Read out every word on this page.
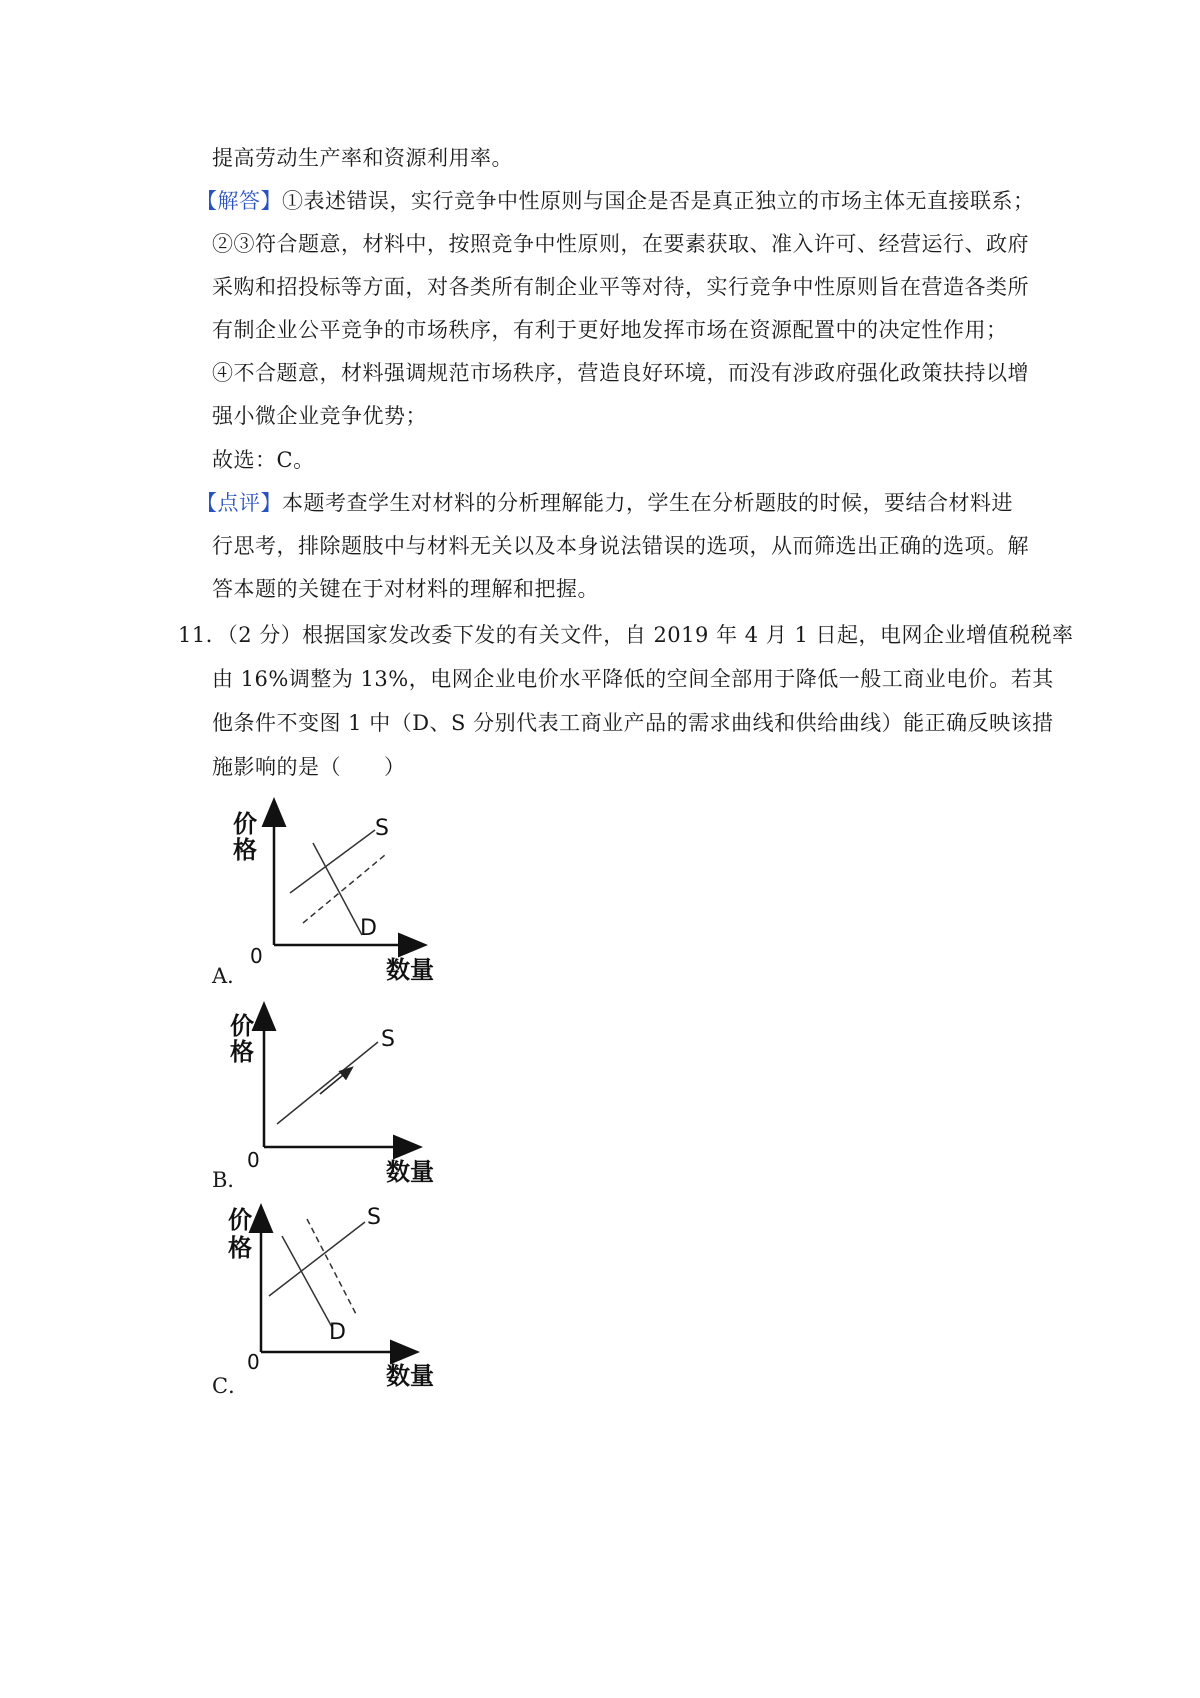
提高劳动生产率和资源利用率。
【解答】①表述错误，实行竞争中性原则与国企是否是真正独立的市场主体无直接联系；
②③符合题意，材料中，按照竞争中性原则，在要素获取、准入许可、经营运行、政府
采购和招投标等方面，对各类所有制企业平等对待，实行竞争中性原则旨在营造各类所
有制企业公平竞争的市场秩序，有利于更好地发挥市场在资源配置中的决定性作用；
④不合题意，材料强调规范市场秩序，营造良好环境，而没有涉政府强化政策扶持以增
强小微企业竞争优势；
故选：C。
【点评】本题考查学生对材料的分析理解能力，学生在分析题肢的时候，要结合材料进
行思考，排除题肢中与材料无关以及本身说法错误的选项，从而筛选出正确的选项。解
答本题的关键在于对材料的理解和把握。
11．（2 分）根据国家发改委下发的有关文件，自 2019 年 4 月 1 日起，电网企业增值税税率
由 16%调整为 13%，电网企业电价水平降低的空间全部用于降低一般工商业电价。若其
他条件不变图 1 中（D、S 分别代表工商业产品的需求曲线和供给曲线）能正确反映该措
施影响的是（　　）
价
格
数量
0
S
D
A．
价
格
数量
0
S
B．
价
格
数量
0
S
D
C．
